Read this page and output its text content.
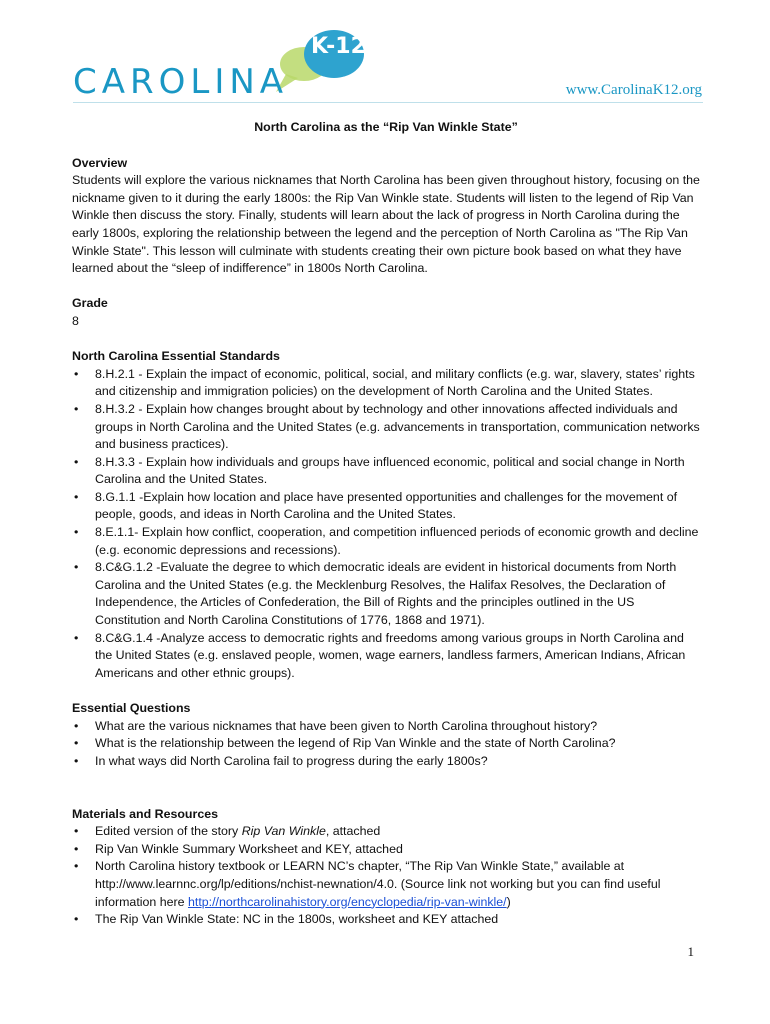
K-12
CAROLINA	www.CarolinaK12.org

North Carolina as the “Rip Van Winkle State”

Overview

Students will explore the various nicknames that North Carolina has been given throughout history, focusing on the nickname given to it during the early 1800s: the Rip Van Winkle state. Students will listen to the legend of Rip Van Winkle then discuss the story. Finally, students will learn about the lack of progress in North Carolina during the early 1800s, exploring the relationship between the legend and the perception of North Carolina as "The Rip Van Winkle State". This lesson will culminate with students creating their own picture book based on what they have learned about the “sleep of indifference” in 1800s North Carolina.

Grade

8

North Carolina Essential Standards

• 8.H.2.1 - Explain the impact of economic, political, social, and military conflicts (e.g. war, slavery, states’ rights and citizenship and immigration policies) on the development of North Carolina and the United States.
• 8.H.3.2 - Explain how changes brought about by technology and other innovations affected individuals and groups in North Carolina and the United States (e.g. advancements in transportation, communication networks and business practices).
• 8.H.3.3 - Explain how individuals and groups have influenced economic, political and social change in North Carolina and the United States.
• 8.G.1.1 -Explain how location and place have presented opportunities and challenges for the movement of people, goods, and ideas in North Carolina and the United States.
• 8.E.1.1- Explain how conflict, cooperation, and competition influenced periods of economic growth and decline (e.g. economic depressions and recessions).
• 8.C&G.1.2 -Evaluate the degree to which democratic ideals are evident in historical documents from North Carolina and the United States (e.g. the Mecklenburg Resolves, the Halifax Resolves, the Declaration of Independence, the Articles of Confederation, the Bill of Rights and the principles outlined in the US Constitution and North Carolina Constitutions of 1776, 1868 and 1971).
• 8.C&G.1.4 -Analyze access to democratic rights and freedoms among various groups in North Carolina and the United States (e.g. enslaved people, women, wage earners, landless farmers, American Indians, African Americans and other ethnic groups).

Essential Questions

• What are the various nicknames that have been given to North Carolina throughout history?
• What is the relationship between the legend of Rip Van Winkle and the state of North Carolina?
• In what ways did North Carolina fail to progress during the early 1800s?

Materials and Resources

• Edited version of the story Rip Van Winkle, attached
• Rip Van Winkle Summary Worksheet and KEY, attached
• North Carolina history textbook or LEARN NC’s chapter, “The Rip Van Winkle State,” available at http://www.learnnc.org/lp/editions/nchist-newnation/4.0. (Source link not working but you can find useful information here http://northcarolinahistory.org/encyclopedia/rip-van-winkle/)
• The Rip Van Winkle State: NC in the 1800s, worksheet and KEY attached
1
